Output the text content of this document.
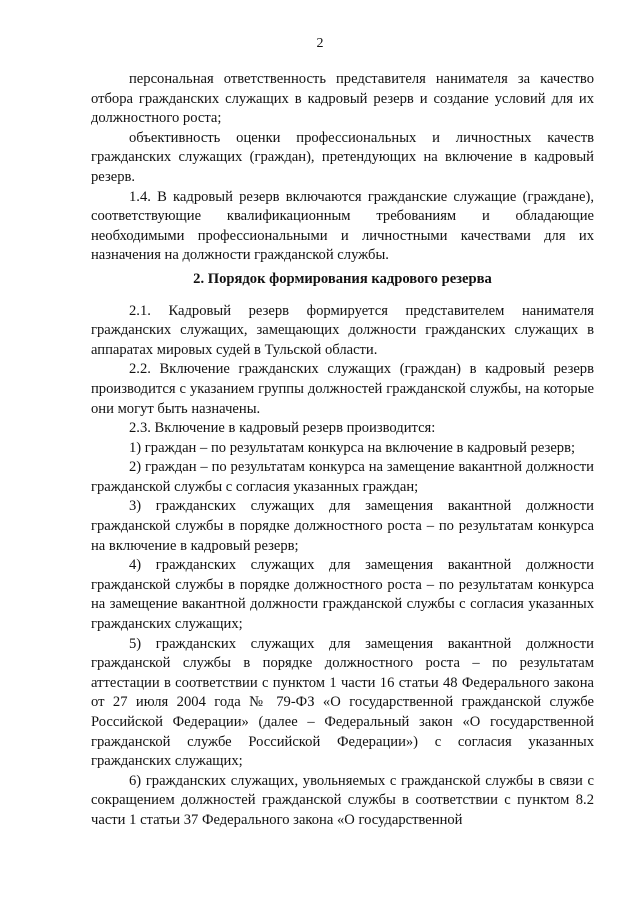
2

персональная ответственность представителя нанимателя за качество отбора гражданских служащих в кадровый резерв и создание условий для их должностного роста;

объективность оценки профессиональных и личностных качеств гражданских служащих (граждан), претендующих на включение в кадровый резерв.

1.4. В кадровый резерв включаются гражданские служащие (граждане), соответствующие квалификационным требованиям и обладающие необходимыми профессиональными и личностными качествами для их назначения на должности гражданской службы.

2. Порядок формирования кадрового резерва

2.1. Кадровый резерв формируется представителем нанимателя гражданских служащих, замещающих должности гражданских служащих в аппаратах мировых судей в Тульской области.

2.2. Включение гражданских служащих (граждан) в кадровый резерв производится с указанием группы должностей гражданской службы, на которые они могут быть назначены.

2.3. Включение в кадровый резерв производится:

1) граждан – по результатам конкурса на включение в кадровый резерв;

2) граждан – по результатам конкурса на замещение вакантной должности гражданской службы с согласия указанных граждан;

3) гражданских служащих для замещения вакантной должности гражданской службы в порядке должностного роста – по результатам конкурса на включение в кадровый резерв;

4) гражданских служащих для замещения вакантной должности гражданской службы в порядке должностного роста – по результатам конкурса на замещение вакантной должности гражданской службы с согласия указанных гражданских служащих;

5) гражданских служащих для замещения вакантной должности гражданской службы в порядке должностного роста – по результатам аттестации в соответствии с пунктом 1 части 16 статьи 48 Федерального закона от 27 июля 2004 года № 79-ФЗ «О государственной гражданской службе Российской Федерации» (далее – Федеральный закон «О государственной гражданской службе Российской Федерации») с согласия указанных гражданских служащих;

6) гражданских служащих, увольняемых с гражданской службы в связи с сокращением должностей гражданской службы в соответствии с пунктом 8.2 части 1 статьи 37 Федерального закона «О государственной
